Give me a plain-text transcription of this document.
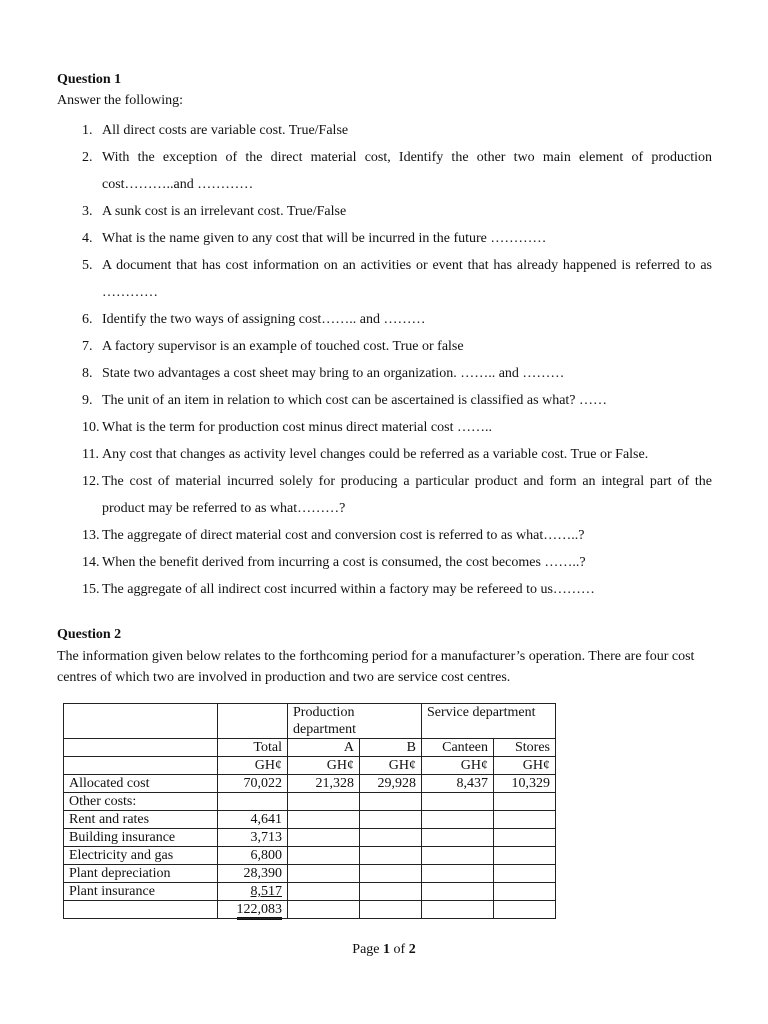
Question 1
Answer the following:
1. All direct costs are variable cost. True/False
2. With the exception of the direct material cost, Identify the other two main element of production cost………..and …………
3. A sunk cost is an irrelevant cost. True/False
4. What is the name given to any cost that will be incurred in the future …………
5. A document that has cost information on an activities or event that has already happened is referred to as …………
6. Identify the two ways of assigning cost…….. and ………
7. A factory supervisor is an example of touched cost. True or false
8. State two advantages a cost sheet may bring to an organization. …….. and ………
9. The unit of an item in relation to which cost can be ascertained is classified as what? ……
10. What is the term for production cost minus direct material cost ……..
11. Any cost that changes as activity level changes could be referred as a variable cost. True or False.
12. The cost of material incurred solely for producing a particular product and form an integral part of the product may be referred to as what………?
13. The aggregate of direct material cost and conversion cost is referred to as what……..?
14. When the benefit derived from incurring a cost is consumed, the cost becomes ……..?
15. The aggregate of all indirect cost incurred within a factory may be refereed to us………
Question 2
The information given below relates to the forthcoming period for a manufacturer’s operation. There are four cost centres of which two are involved in production and two are service cost centres.
		Production department		Service department	
	Total	A	B	Canteen	Stores
	GH¢	GH¢	GH¢	GH¢	GH¢
Allocated cost	70,022	21,328	29,928	8,437	10,329
Other costs:					
Rent and rates	4,641				
Building insurance	3,713				
Electricity and gas	6,800				
Plant depreciation	28,390				
Plant insurance	8,517				
	122,083				
Page 1 of 2
